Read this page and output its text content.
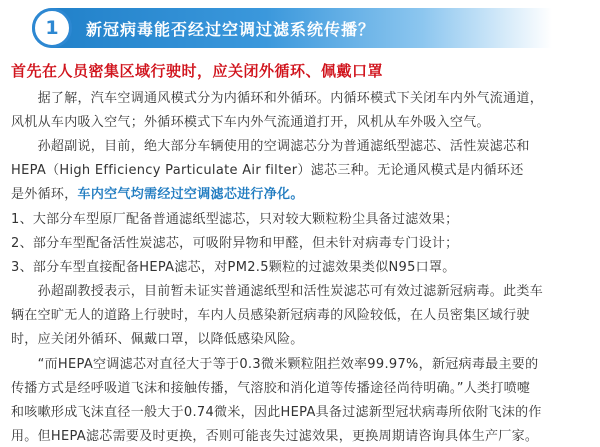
1 新冠病毒能否经过空调过滤系统传播？
首先在人员密集区域行驶时，应关闭外循环、佩戴口罩
　　据了解，汽车空调通风模式分为内循环和外循环。内循环模式下关闭车内外气流通道，
风机从车内吸入空气；外循环模式下车内外气流通道打开，风机从车外吸入空气。
　　孙超副说，目前，绝大部分车辆使用的空调滤芯分为普通滤纸型滤芯、活性炭滤芯和
HEPA（High Efficiency Particulate Air filter）滤芯三种。无论通风模式是内循环还
是外循环，车内空气均需经过空调滤芯进行净化。
1、大部分车型原厂配备普通滤纸型滤芯，只对较大颗粒粉尘具备过滤效果；
2、部分车型配备活性炭滤芯，可吸附异物和甲醛，但未针对病毒专门设计；
3、部分车型直接配备HEPA滤芯，对PM2.5颗粒的过滤效果类似N95口罩。
　　孙超副教授表示，目前暂未证实普通滤纸型和活性炭滤芯可有效过滤新冠病毒。此类车
辆在空旷无人的道路上行驶时，车内人员感染新冠病毒的风险较低，在人员密集区域行驶
时，应关闭外循环、佩戴口罩，以降低感染风险。
　　“而HEPA空调滤芯对直径大于等于0.3微米颗粒阻拦效率99.97%，新冠病毒最主要的
传播方式是经呼吸道飞沫和接触传播，气溶胶和消化道等传播途径尚待明确。”人类打喷嚏
和咳嗽形成飞沫直径一般大于0.74微米，因此HEPA具备过滤新型冠状病毒所依附飞沫的作
用。但HEPA滤芯需要及时更换，否则可能丧失过滤效果，更换周期请咨询具体生产厂家。
